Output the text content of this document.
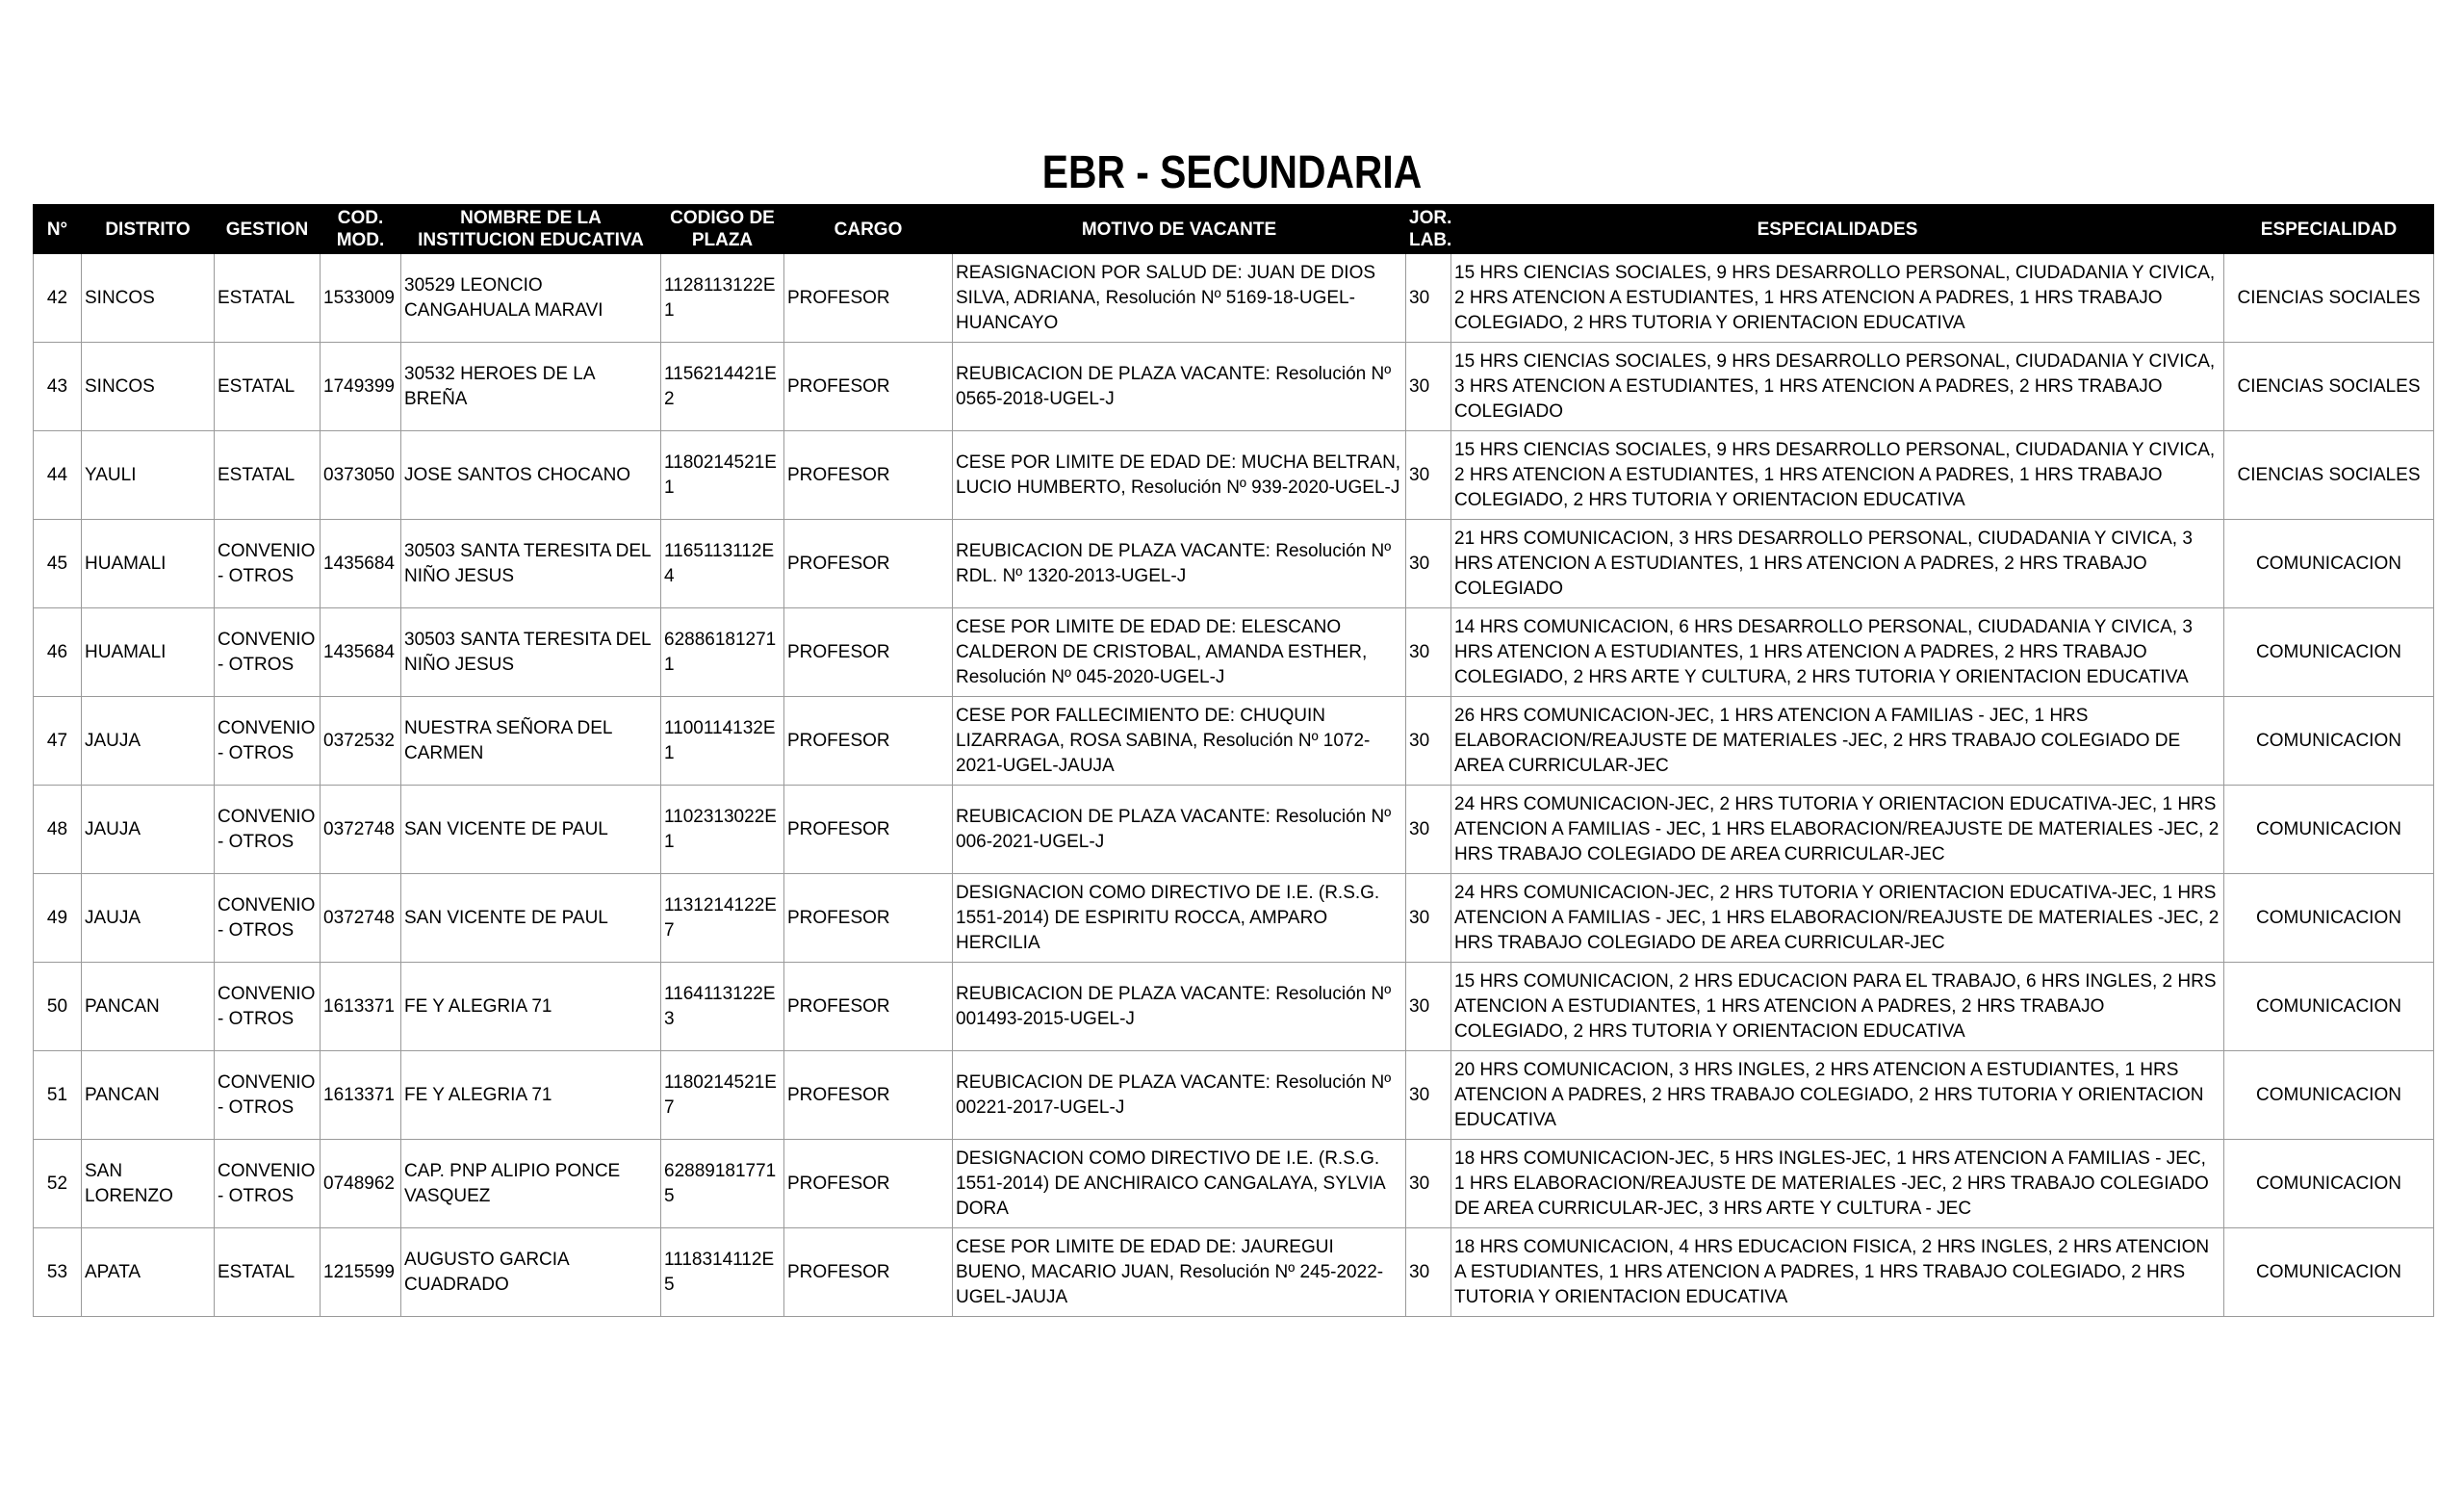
EBR - SECUNDARIA
N°	DISTRITO	GESTION	COD. MOD.	NOMBRE DE LA INSTITUCION EDUCATIVA	CODIGO DE PLAZA	CARGO	MOTIVO DE VACANTE	JOR. LAB.	ESPECIALIDADES	ESPECIALIDAD
42	SINCOS	ESTATAL	1533009	30529 LEONCIO CANGAHUALA MARAVI	1128113122E1	PROFESOR	REASIGNACION POR SALUD DE: JUAN DE DIOS SILVA, ADRIANA, Resolución Nº 5169-18-UGEL-HUANCAYO	30	15 HRS CIENCIAS SOCIALES, 9 HRS DESARROLLO PERSONAL, CIUDADANIA Y CIVICA, 2 HRS ATENCION A ESTUDIANTES, 1 HRS ATENCION A PADRES, 1 HRS TRABAJO COLEGIADO, 2 HRS TUTORIA Y ORIENTACION EDUCATIVA	CIENCIAS SOCIALES
43	SINCOS	ESTATAL	1749399	30532 HEROES DE LA BREÑA	1156214421E2	PROFESOR	REUBICACION DE PLAZA VACANTE: Resolución Nº 0565-2018-UGEL-J	30	15 HRS CIENCIAS SOCIALES, 9 HRS DESARROLLO PERSONAL, CIUDADANIA Y CIVICA, 3 HRS ATENCION A ESTUDIANTES, 1 HRS ATENCION A PADRES, 2 HRS TRABAJO COLEGIADO	CIENCIAS SOCIALES
44	YAULI	ESTATAL	0373050	JOSE SANTOS CHOCANO	1180214521E1	PROFESOR	CESE POR LIMITE DE EDAD DE: MUCHA BELTRAN, LUCIO HUMBERTO, Resolución Nº 939-2020-UGEL-J	30	15 HRS CIENCIAS SOCIALES, 9 HRS DESARROLLO PERSONAL, CIUDADANIA Y CIVICA, 2 HRS ATENCION A ESTUDIANTES, 1 HRS ATENCION A PADRES, 1 HRS TRABAJO COLEGIADO, 2 HRS TUTORIA Y ORIENTACION EDUCATIVA	CIENCIAS SOCIALES
45	HUAMALI	CONVENIO - OTROS	1435684	30503 SANTA TERESITA DEL NIÑO JESUS	1165113112E4	PROFESOR	REUBICACION DE PLAZA VACANTE: Resolución Nº RDL. Nº 1320-2013-UGEL-J	30	21 HRS COMUNICACION, 3 HRS DESARROLLO PERSONAL, CIUDADANIA Y CIVICA, 3 HRS ATENCION A ESTUDIANTES, 1 HRS ATENCION A PADRES, 2 HRS TRABAJO COLEGIADO	COMUNICACION
46	HUAMALI	CONVENIO - OTROS	1435684	30503 SANTA TERESITA DEL NIÑO JESUS	628861812711	PROFESOR	CESE POR LIMITE DE EDAD DE: ELESCANO CALDERON DE CRISTOBAL, AMANDA ESTHER, Resolución Nº 045-2020-UGEL-J	30	14 HRS COMUNICACION, 6 HRS DESARROLLO PERSONAL, CIUDADANIA Y CIVICA, 3 HRS ATENCION A ESTUDIANTES, 1 HRS ATENCION A PADRES, 2 HRS TRABAJO COLEGIADO, 2 HRS ARTE Y CULTURA, 2 HRS TUTORIA Y ORIENTACION EDUCATIVA	COMUNICACION
47	JAUJA	CONVENIO - OTROS	0372532	NUESTRA SEÑORA DEL CARMEN	1100114132E1	PROFESOR	CESE POR FALLECIMIENTO DE: CHUQUIN LIZARRAGA, ROSA SABINA, Resolución Nº 1072-2021-UGEL-JAUJA	30	26 HRS COMUNICACION-JEC, 1 HRS ATENCION A FAMILIAS - JEC, 1 HRS ELABORACION/REAJUSTE DE MATERIALES -JEC, 2 HRS TRABAJO COLEGIADO DE AREA CURRICULAR-JEC	COMUNICACION
48	JAUJA	CONVENIO - OTROS	0372748	SAN VICENTE DE PAUL	1102313022E1	PROFESOR	REUBICACION DE PLAZA VACANTE: Resolución Nº 006-2021-UGEL-J	30	24 HRS COMUNICACION-JEC, 2 HRS TUTORIA Y ORIENTACION EDUCATIVA-JEC, 1 HRS ATENCION A FAMILIAS - JEC, 1 HRS ELABORACION/REAJUSTE DE MATERIALES -JEC, 2 HRS TRABAJO COLEGIADO DE AREA CURRICULAR-JEC	COMUNICACION
49	JAUJA	CONVENIO - OTROS	0372748	SAN VICENTE DE PAUL	1131214122E7	PROFESOR	DESIGNACION COMO DIRECTIVO DE I.E. (R.S.G. 1551-2014) DE ESPIRITU ROCCA, AMPARO HERCILIA	30	24 HRS COMUNICACION-JEC, 2 HRS TUTORIA Y ORIENTACION EDUCATIVA-JEC, 1 HRS ATENCION A FAMILIAS - JEC, 1 HRS ELABORACION/REAJUSTE DE MATERIALES -JEC, 2 HRS TRABAJO COLEGIADO DE AREA CURRICULAR-JEC	COMUNICACION
50	PANCAN	CONVENIO - OTROS	1613371	FE Y ALEGRIA 71	1164113122E3	PROFESOR	REUBICACION DE PLAZA VACANTE: Resolución Nº 001493-2015-UGEL-J	30	15 HRS COMUNICACION, 2 HRS EDUCACION PARA EL TRABAJO, 6 HRS INGLES, 2 HRS ATENCION A ESTUDIANTES, 1 HRS ATENCION A PADRES, 2 HRS TRABAJO COLEGIADO, 2 HRS TUTORIA Y ORIENTACION EDUCATIVA	COMUNICACION
51	PANCAN	CONVENIO - OTROS	1613371	FE Y ALEGRIA 71	1180214521E7	PROFESOR	REUBICACION DE PLAZA VACANTE: Resolución Nº 00221-2017-UGEL-J	30	20 HRS COMUNICACION, 3 HRS INGLES, 2 HRS ATENCION A ESTUDIANTES, 1 HRS ATENCION A PADRES, 2 HRS TRABAJO COLEGIADO, 2 HRS TUTORIA Y ORIENTACION EDUCATIVA	COMUNICACION
52	SAN LORENZO	CONVENIO - OTROS	0748962	CAP. PNP ALIPIO PONCE VASQUEZ	628891817715	PROFESOR	DESIGNACION COMO DIRECTIVO DE I.E. (R.S.G. 1551-2014) DE ANCHIRAICO CANGALAYA, SYLVIA DORA	30	18 HRS COMUNICACION-JEC, 5 HRS INGLES-JEC, 1 HRS ATENCION A FAMILIAS - JEC, 1 HRS ELABORACION/REAJUSTE DE MATERIALES -JEC, 2 HRS TRABAJO COLEGIADO DE AREA CURRICULAR-JEC, 3 HRS ARTE Y CULTURA - JEC	COMUNICACION
53	APATA	ESTATAL	1215599	AUGUSTO GARCIA CUADRADO	1118314112E5	PROFESOR	CESE POR LIMITE DE EDAD DE: JAUREGUI BUENO, MACARIO JUAN, Resolución Nº 245-2022-UGEL-JAUJA	30	18 HRS COMUNICACION, 4 HRS EDUCACION FISICA, 2 HRS INGLES, 2 HRS ATENCION A ESTUDIANTES, 1 HRS ATENCION A PADRES, 1 HRS TRABAJO COLEGIADO, 2 HRS TUTORIA Y ORIENTACION EDUCATIVA	COMUNICACION
